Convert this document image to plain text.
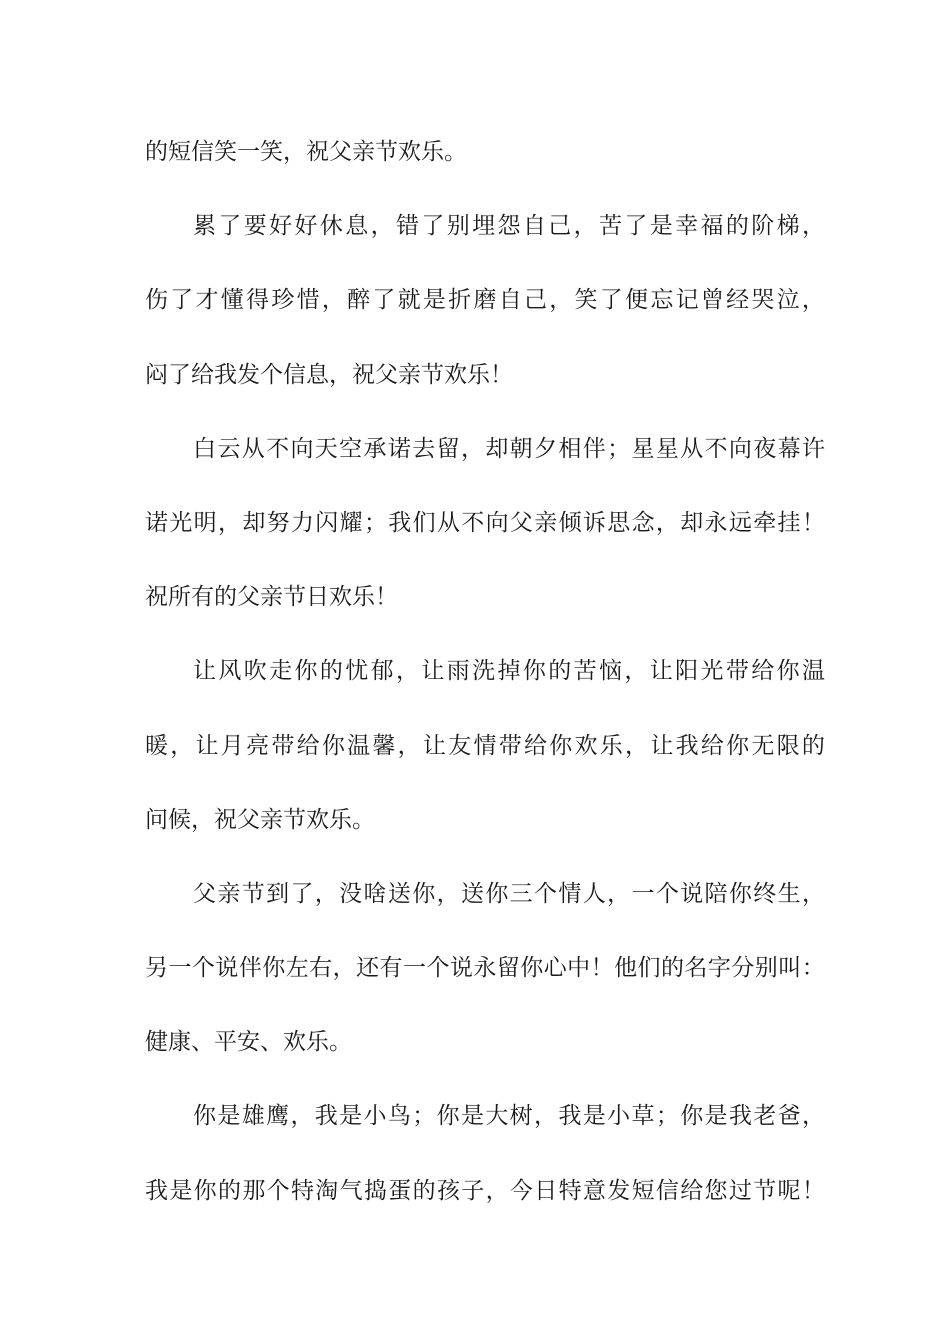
的短信笑一笑，祝父亲节欢乐。
累 了 要 好 好 休 息 ， 错 了 别 埋 怨 自 己 ， 苦 了 是 幸 福 的 阶 梯 ，
伤 了 才 懂 得 珍 惜 ， 醉 了 就 是 折 磨 自 己 ， 笑 了 便 忘 记 曾 经 哭 泣 ，
闷了给我发个信息，祝父亲节欢乐！
白 云 从 不 向 天 空 承 诺 去 留 ， 却 朝 夕 相 伴 ； 星 星 从 不 向 夜 幕 许
诺 光 明 ， 却 努 力 闪 耀 ； 我 们 从 不 向 父 亲 倾 诉 思 念 ， 却 永 远 牵 挂 ！
祝所有的父亲节日欢乐！
让 风 吹 走 你 的 忧 郁 ， 让 雨 洗 掉 你 的 苦 恼 ， 让 阳 光 带 给 你 温
暖 ， 让 月 亮 带 给 你 温 馨 ， 让 友 情 带 给 你 欢 乐 ， 让 我 给 你 无 限 的
问候，祝父亲节欢乐。
父 亲 节 到 了 ， 没 啥 送 你 ， 送 你 三 个 情 人 ， 一 个 说 陪 你 终 生 ，
另 一 个 说 伴 你 左 右 ， 还 有 一 个 说 永 留 你 心 中 ！ 他 们 的 名 字 分 别 叫 ：
健康、平安、欢乐。
你 是 雄 鹰 ， 我 是 小 鸟 ； 你 是 大 树 ， 我 是 小 草 ； 你 是 我 老 爸 ，
我 是 你 的 那 个 特 淘 气 捣 蛋 的 孩 子 ， 今 日 特 意 发 短 信 给 您 过 节 呢 ！
